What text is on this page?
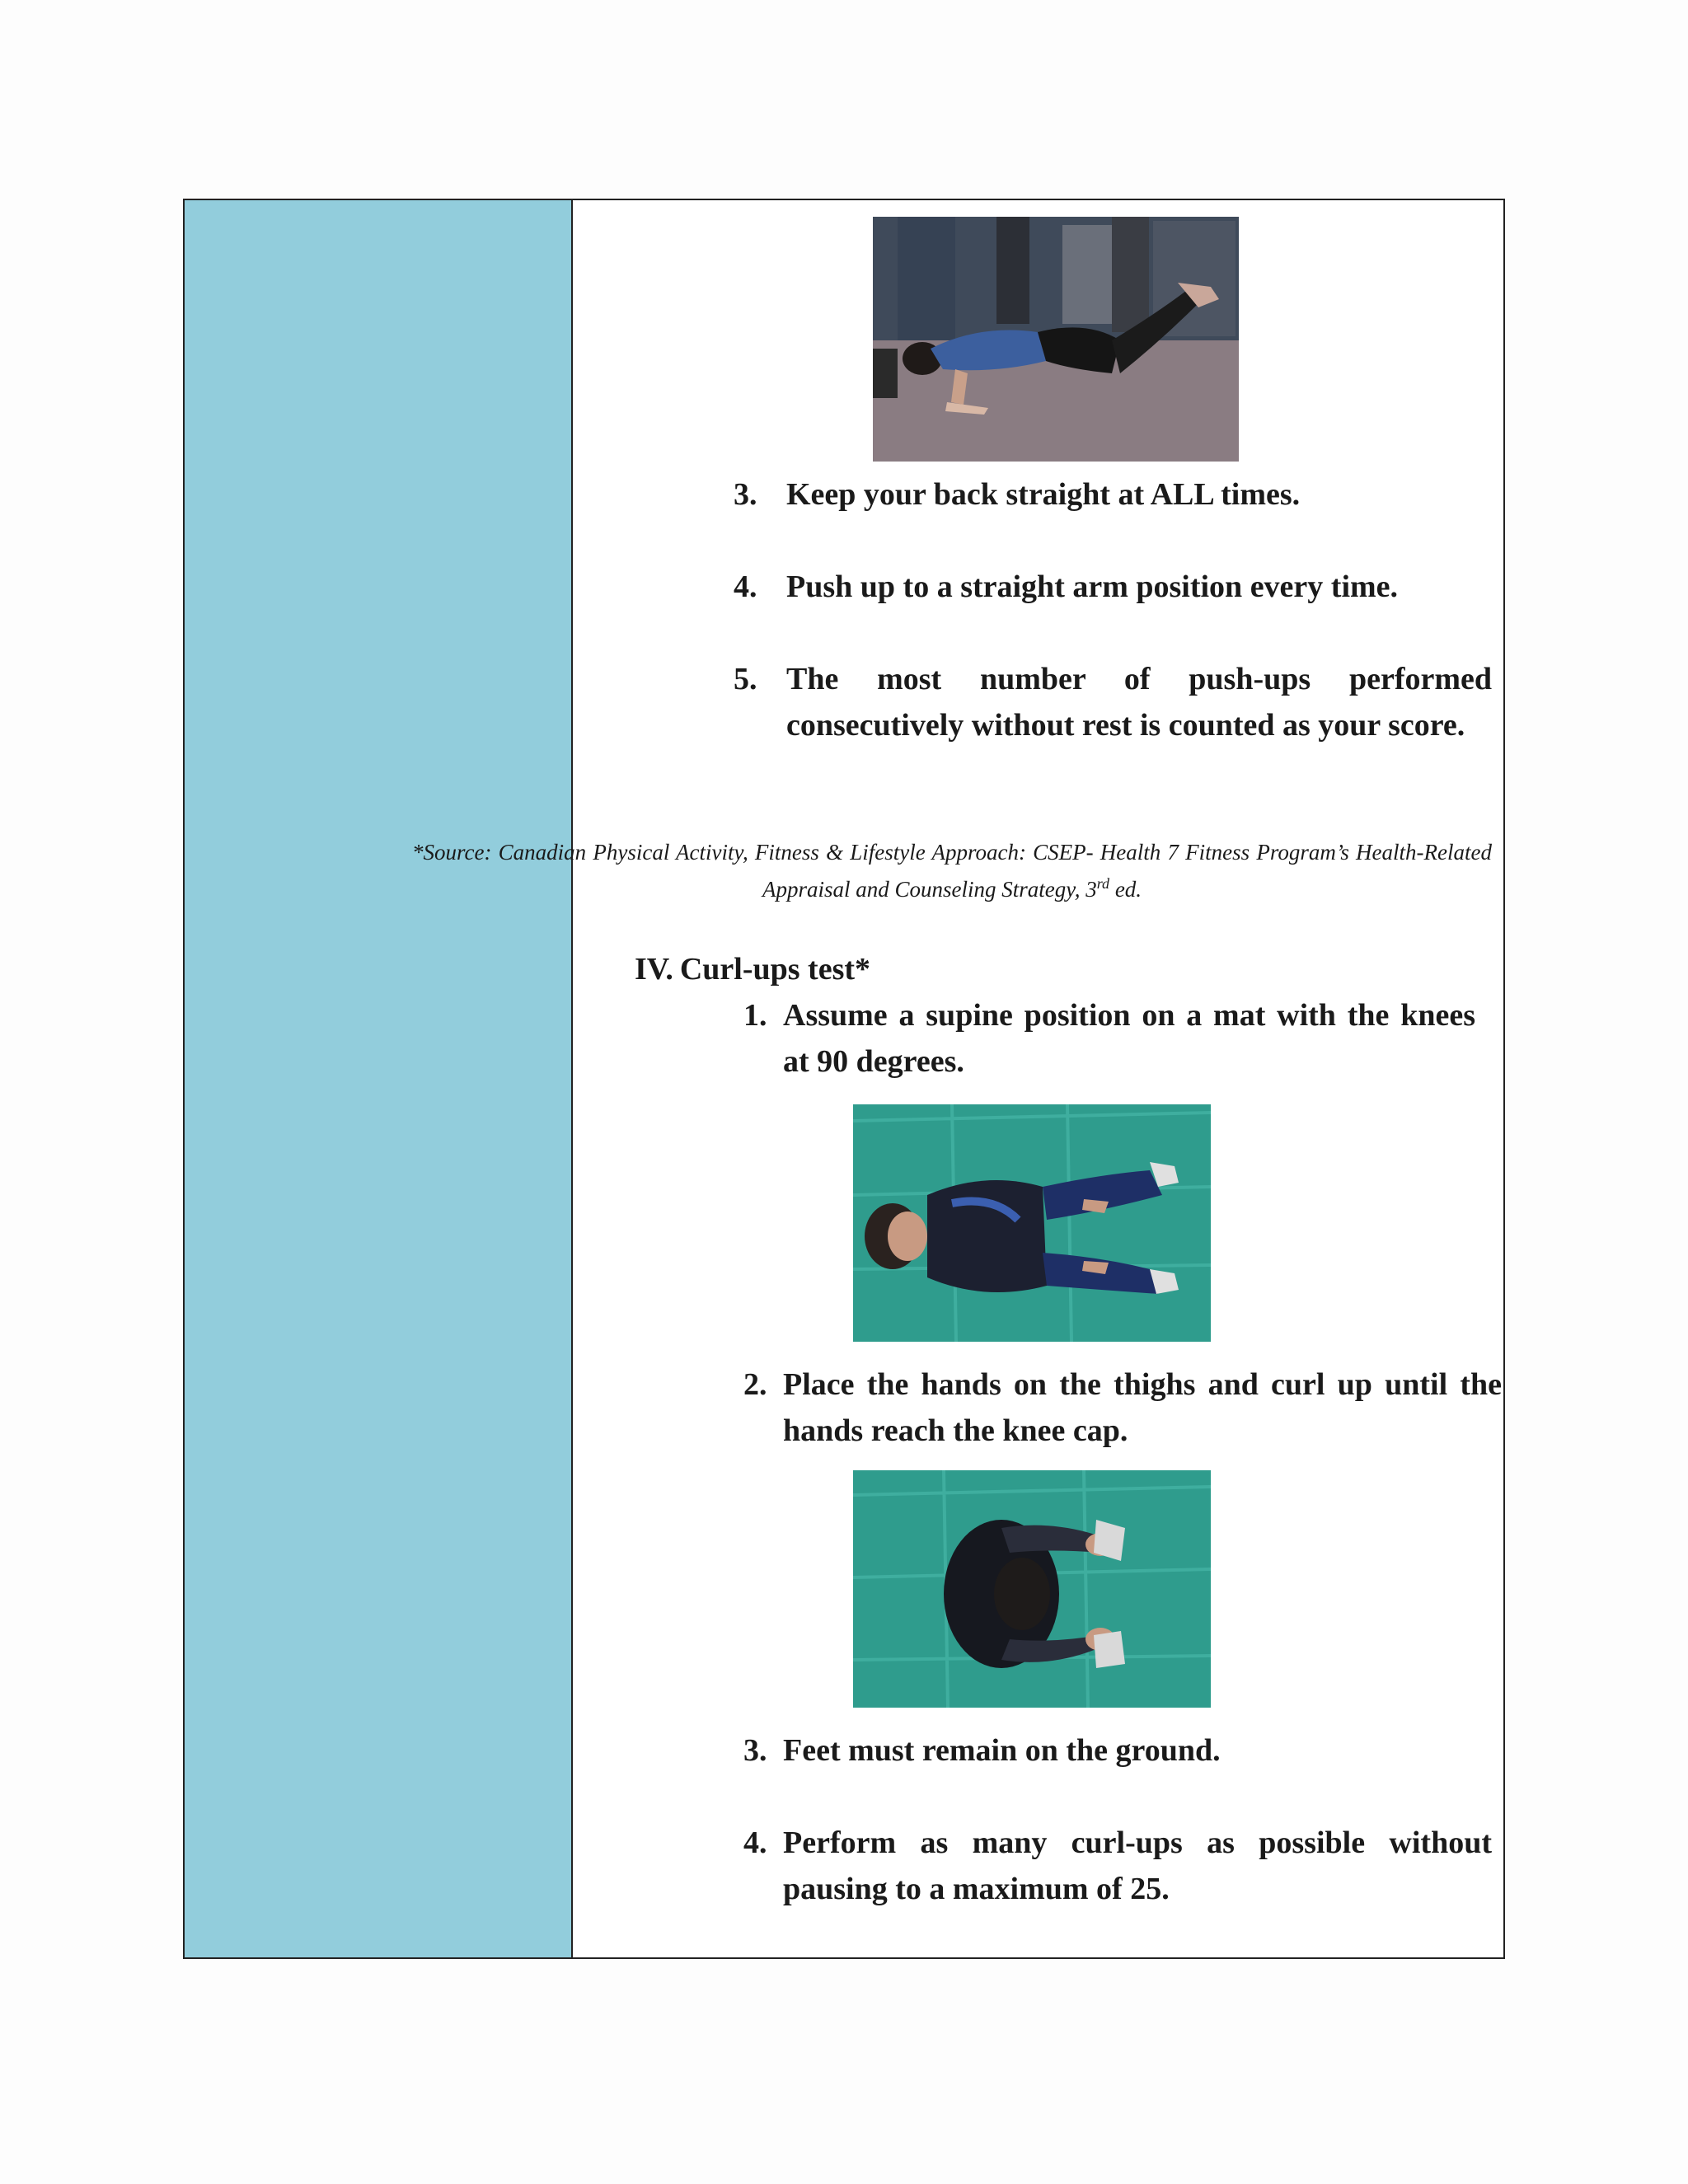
3. Keep your back straight at ALL times.
4. Push up to a straight arm position every time.
5. The most number of push-ups performed consecutively without rest is counted as your score.
*Source: Canadian Physical Activity, Fitness & Lifestyle Approach: CSEP- Health 7 Fitness Program’s Health-Related Appraisal and Counseling Strategy, 3rd ed.
IV. Curl-ups test*
1. Assume a supine position on a mat with the knees at 90 degrees.
2. Place the hands on the thighs and curl up until the hands reach the knee cap.
3. Feet must remain on the ground.
4. Perform as many curl-ups as possible without pausing to a maximum of 25.
